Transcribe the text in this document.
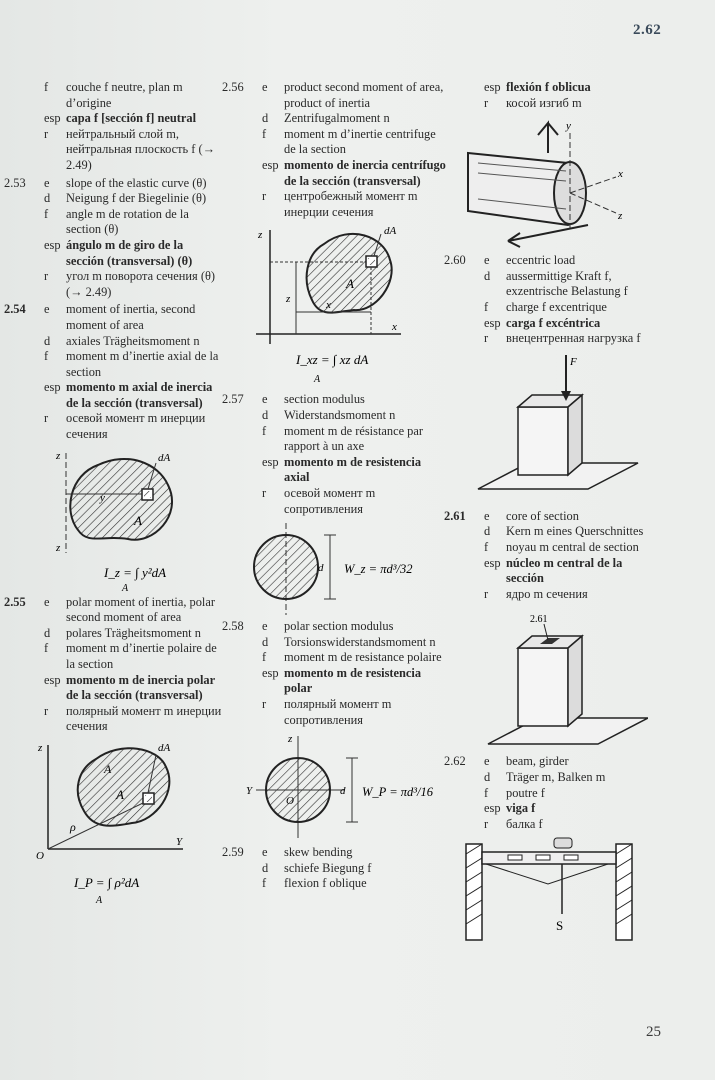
2.62
25
f	couche f neutre, plan m d’origine
esp capa f [sección f] neutral
r	нейтральный слой m, нейтральная плоскость f (→ 2.49)
2.53	e	slope of the elastic curve (θ)
d	Neigung f der Biegelinie (θ)
f	angle m de rotation de la section (θ)
esp ángulo m de giro de la sección (transversal) (θ)
r	угол m поворота сечения (θ) (→ 2.49)
2.54	e	moment of inertia, second moment of area
d	axiales Trägheitsmoment n
f	moment m d’inertie axial de la section
esp momento m axial de inercia de la sección (transversal)
r	осевой момент m инерции сечения
z
z
y
dA
A
I_z = ∫ y²dA
A
2.55	e	polar moment of inertia, polar second moment of area
d	polares Trägheitsmoment n
f	moment m d’inertie polaire de la section
esp momento m de inercia polar de la sección (transversal)
r	полярный момент m инерции сечения
z
Y
dA
A
A
ρ
O
I_P = ∫ ρ²dA
A
2.56	e	product second moment of area, product of inertia
d	Zentrifugalmoment n
f	moment m d’inertie centrifuge de la section
esp momento de inercia centrífugo de la sección (transversal)
r	центробежный момент m инерции сечения
z
x
dA
A
x
z
I_xz = ∫ xz dA
A
2.57	e	section modulus
d	Widerstandsmoment n
f	moment m de résistance par rapport à un axe
esp momento m de resistencia axial
r	осевой момент m сопротивления
d W_z = πd³/32
2.58	e	polar section modulus
d	Torsionswiderstandsmoment n
f	moment m de resistance polaire
esp momento m de resistencia polar
r	полярный момент m сопротивления
z
Y
O
d W_P = πd³/16
2.59	e	skew bending
d	schiefe Biegung f
f	flexion f oblique
esp flexión f oblicua
r	косой изгиб m
y
x
z
2.60	e	eccentric load
d	aussermittige Kraft f, exzentrische Belastung f
f	charge f excentrique
esp carga f excéntrica
r	внецентренная нагрузка f
F
2.61	e	core of section
d	Kern m eines Querschnittes
f	noyau m central de section
esp núcleo m central de la sección
r	ядро m сечения
2.61
2.62	e	beam, girder
d	Träger m, Balken m
f	poutre f
esp viga f
r	балка f
S
